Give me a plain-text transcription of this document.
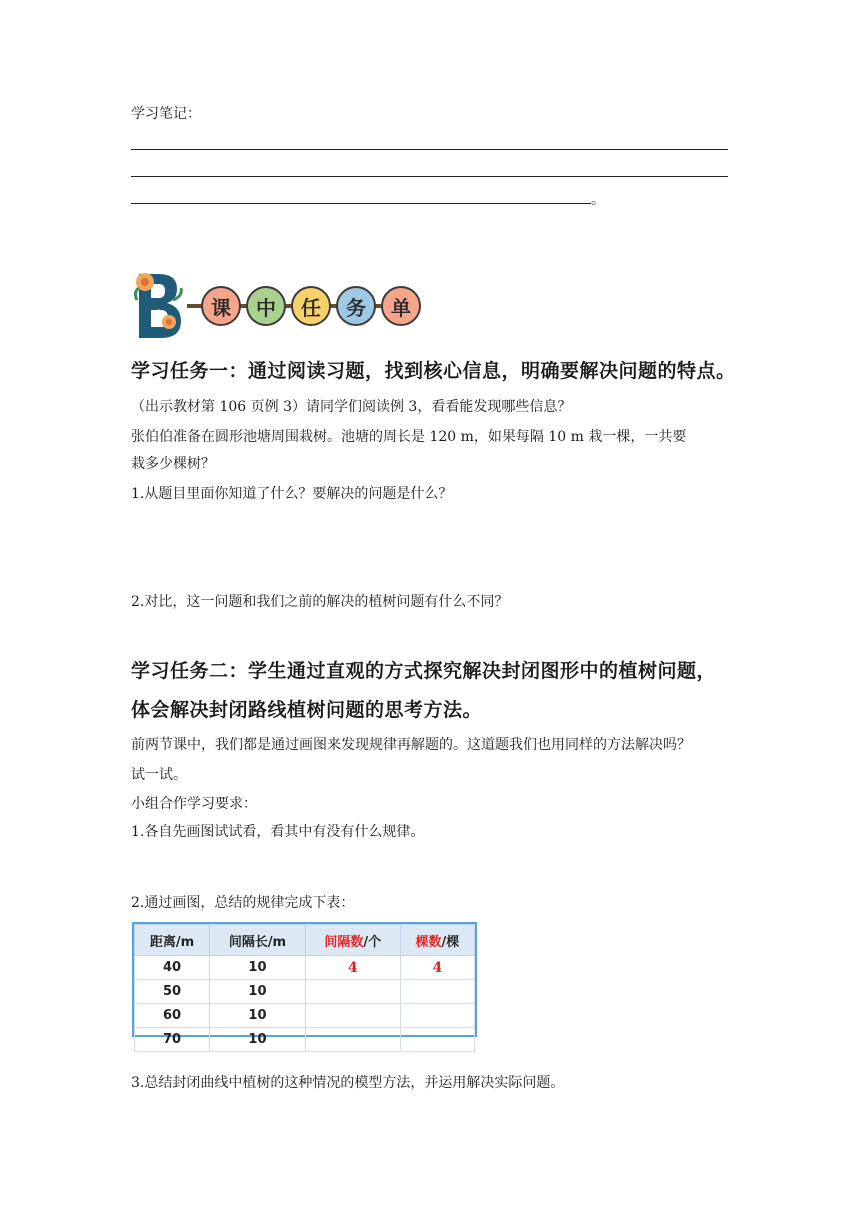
学习笔记：
。
B 课 中 任 务 单
学习任务一：通过阅读习题，找到核心信息，明确要解决问题的特点。
（出示教材第 106 页例 3）请同学们阅读例 3，看看能发现哪些信息？
张伯伯准备在圆形池塘周围栽树。池塘的周长是 120 m，如果每隔 10 m 栽一棵，一共要
栽多少棵树？
1.从题目里面你知道了什么？要解决的问题是什么？
2.对比，这一问题和我们之前的解决的植树问题有什么不同？
学习任务二：学生通过直观的方式探究解决封闭图形中的植树问题，
体会解决封闭路线植树问题的思考方法。
前两节课中，我们都是通过画图来发现规律再解题的。这道题我们也用同样的方法解决吗？
试一试。
小组合作学习要求：
1.各自先画图试试看，看其中有没有什么规律。
2.通过画图，总结的规律完成下表：
距离/m	间隔长/m	间隔数/个	棵数/棵
40	10	4	4
50	10		
60	10		
70	10		
3.总结封闭曲线中植树的这种情况的模型方法，并运用解决实际问题。
